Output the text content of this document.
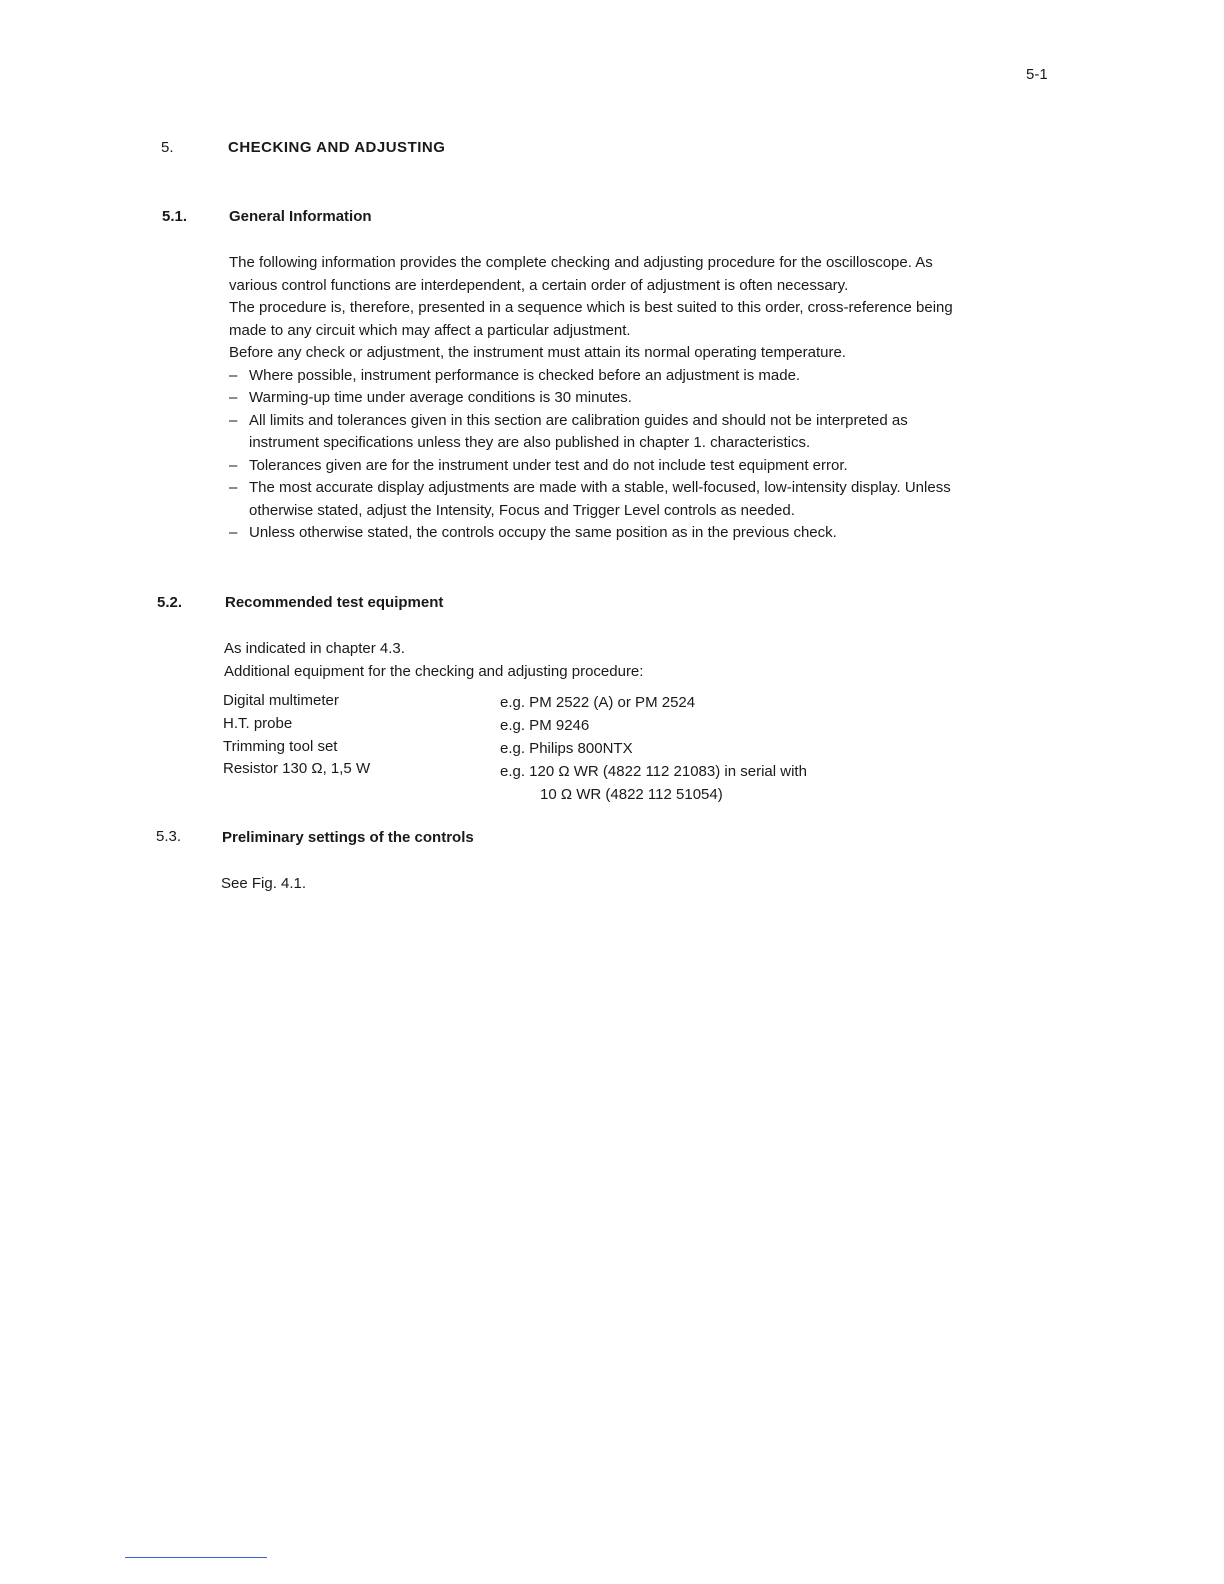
5-1
5.	CHECKING AND ADJUSTING
5.1.	General Information
The following information provides the complete checking and adjusting procedure for the oscilloscope. As
various control functions are interdependent, a certain order of adjustment is often necessary.
The procedure is, therefore, presented in a sequence which is best suited to this order, cross-reference being
made to any circuit which may affect a particular adjustment.
Before any check or adjustment, the instrument must attain its normal operating temperature.
– Where possible, instrument performance is checked before an adjustment is made.
– Warming-up time under average conditions is 30 minutes.
– All limits and tolerances given in this section are calibration guides and should not be interpreted as
instrument specifications unless they are also published in chapter 1. characteristics.
– Tolerances given are for the instrument under test and do not include test equipment error.
– The most accurate display adjustments are made with a stable, well-focused, low-intensity display. Unless
otherwise stated, adjust the Intensity, Focus and Trigger Level controls as needed.
– Unless otherwise stated, the controls occupy the same position as in the previous check.
5.2.	Recommended test equipment
As indicated in chapter 4.3.
Additional equipment for the checking and adjusting procedure:
Digital multimeter	e.g. PM 2522 (A) or PM 2524
H.T. probe	e.g. PM 9246
Trimming tool set	e.g. Philips 800NTX
Resistor 130 Ω, 1,5 W	e.g. 120 Ω WR (4822 112 21083) in serial with
10 Ω WR (4822 112 51054)
5.3.	Preliminary settings of the controls
See Fig. 4.1.
